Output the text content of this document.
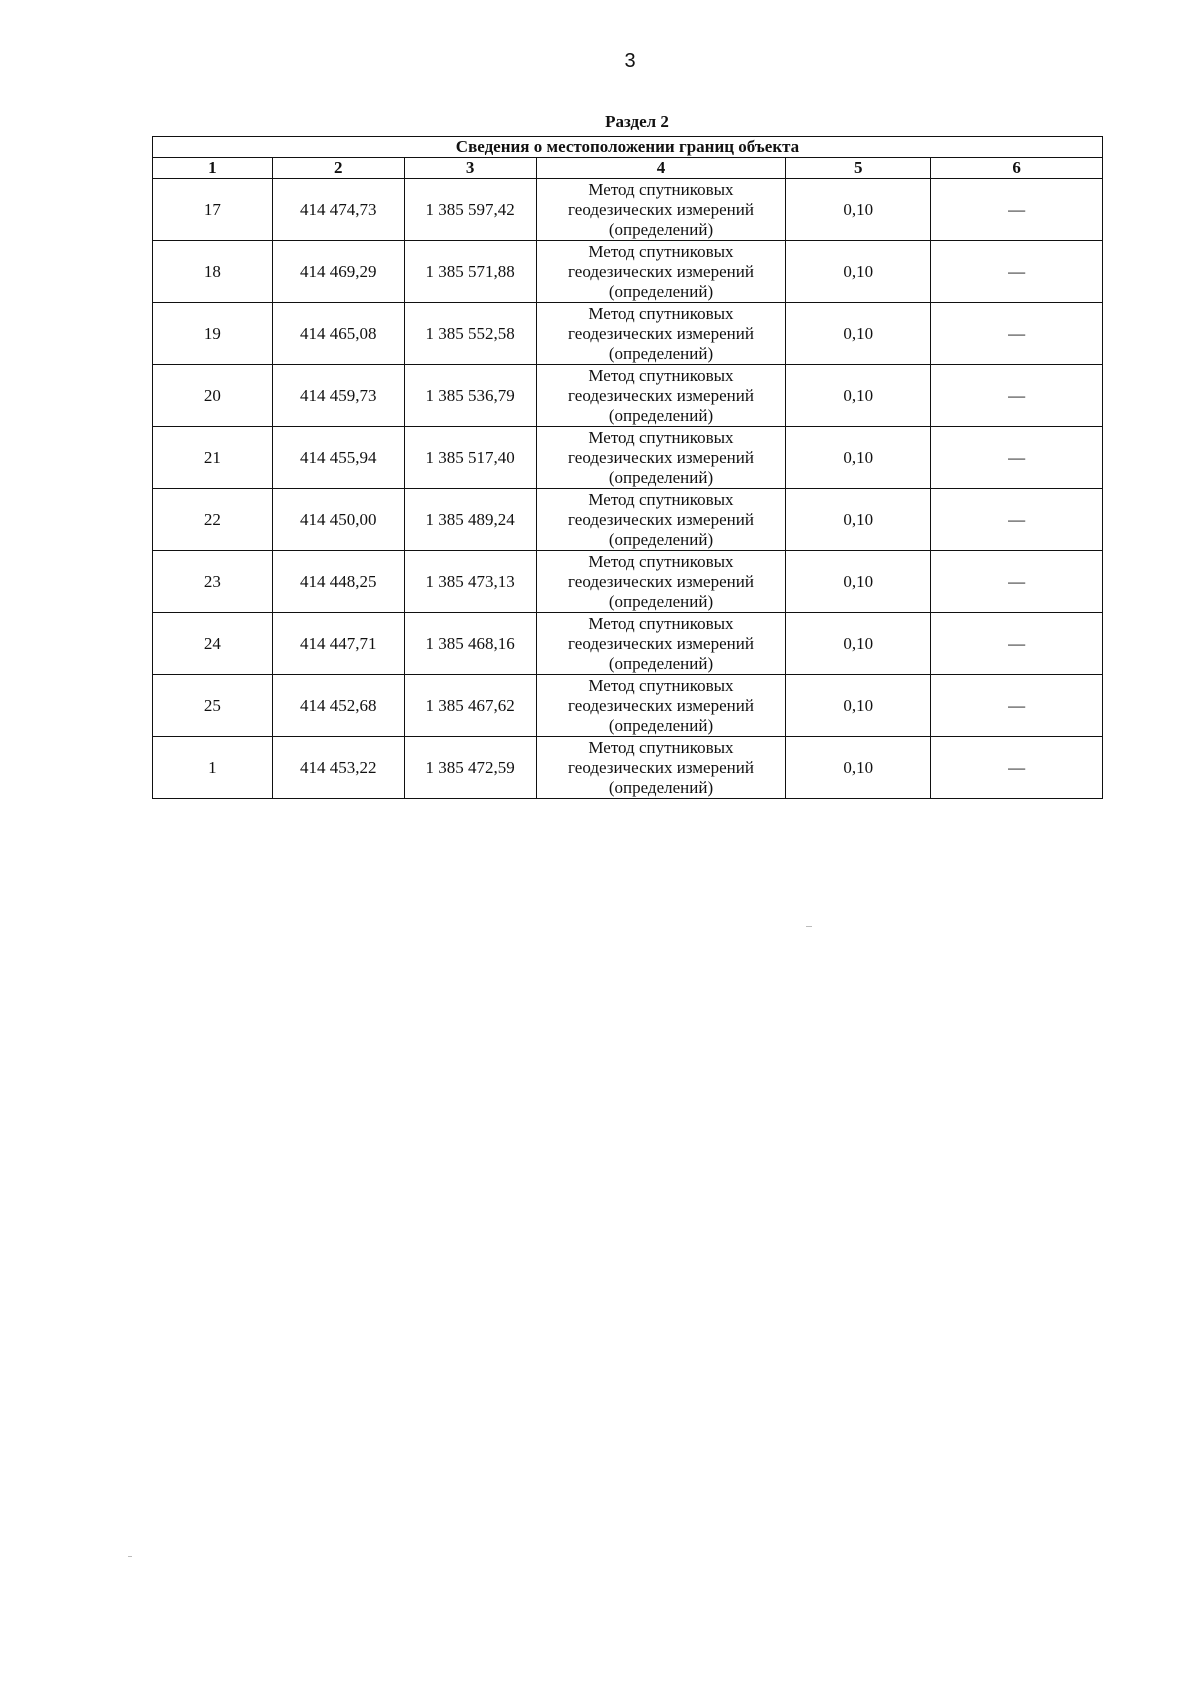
3
Раздел 2
Сведения о местоположении границ объекта					
1	2	3	4	5	6
17	414 474,73	1 385 597,42	Метод спутниковых
геодезических измерений
(определений)	0,10	—
18	414 469,29	1 385 571,88	Метод спутниковых
геодезических измерений
(определений)	0,10	—
19	414 465,08	1 385 552,58	Метод спутниковых
геодезических измерений
(определений)	0,10	—
20	414 459,73	1 385 536,79	Метод спутниковых
геодезических измерений
(определений)	0,10	—
21	414 455,94	1 385 517,40	Метод спутниковых
геодезических измерений
(определений)	0,10	—
22	414 450,00	1 385 489,24	Метод спутниковых
геодезических измерений
(определений)	0,10	—
23	414 448,25	1 385 473,13	Метод спутниковых
геодезических измерений
(определений)	0,10	—
24	414 447,71	1 385 468,16	Метод спутниковых
геодезических измерений
(определений)	0,10	—
25	414 452,68	1 385 467,62	Метод спутниковых
геодезических измерений
(определений)	0,10	—
1	414 453,22	1 385 472,59	Метод спутниковых
геодезических измерений
(определений)	0,10	—
